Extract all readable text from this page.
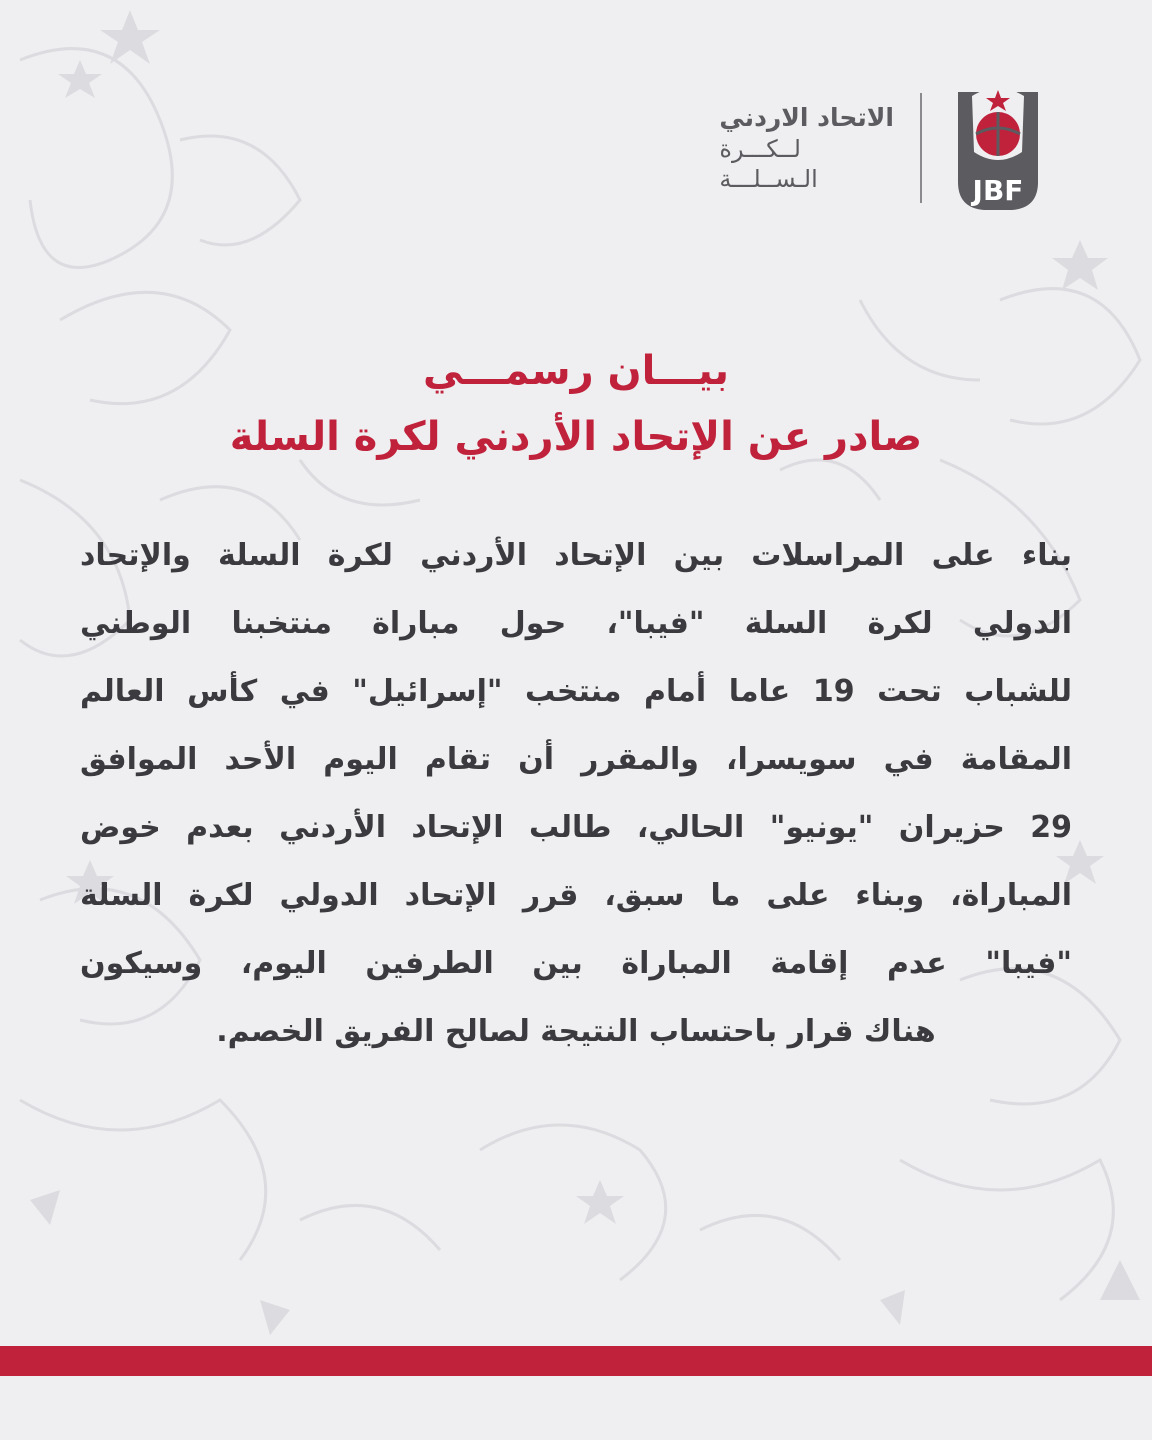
الاتحاد الاردني
لــكـــرة
الـســلـــة	JBF
بيـــان رسمـــي
صادر عن الإتحاد الأردني لكرة السلة
بناء على المراسلات بين الإتحاد الأردني لكرة السلة والإتحاد
الدولي لكرة السلة "فيبا"، حول مباراة منتخبنا الوطني
للشباب تحت 19 عاما أمام منتخب "إسرائيل" في كأس العالم
المقامة في سويسرا، والمقرر أن تقام اليوم الأحد الموافق
29 حزيران "يونيو" الحالي، طالب الإتحاد الأردني بعدم خوض
المباراة، وبناء على ما سبق، قرر الإتحاد الدولي لكرة السلة
"فيبا" عدم إقامة المباراة بين الطرفين اليوم، وسيكون
هناك قرار باحتساب النتيجة لصالح الفريق الخصم.
